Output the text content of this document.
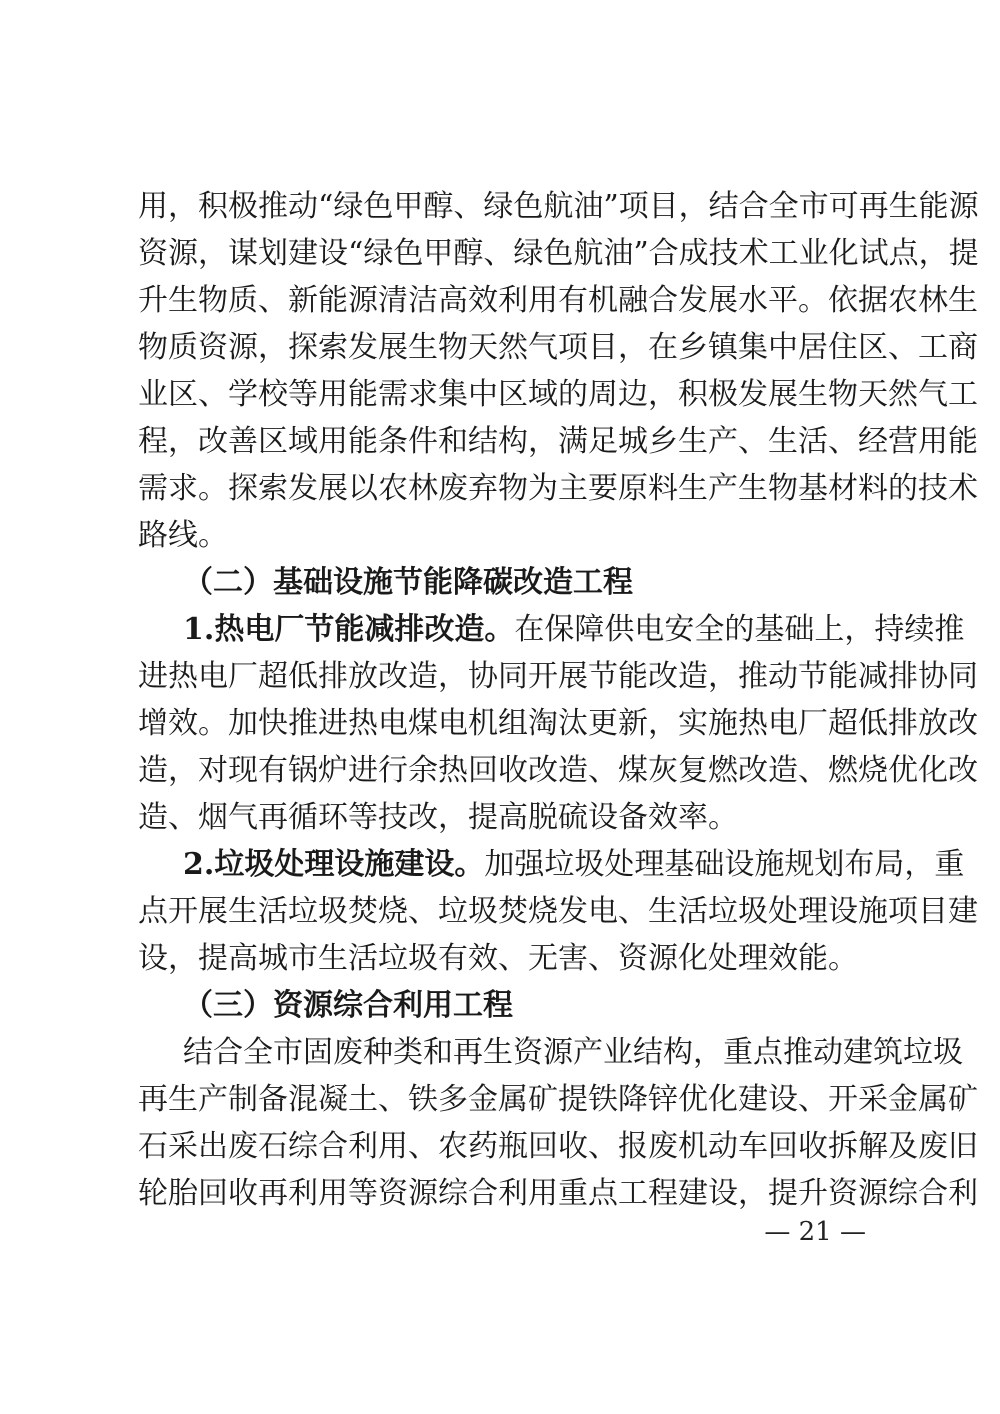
用，积极推动“绿色甲醇、绿色航油”项目，结合全市可再生能源
资源，谋划建设“绿色甲醇、绿色航油”合成技术工业化试点，提
升生物质、新能源清洁高效利用有机融合发展水平。依据农林生
物质资源，探索发展生物天然气项目，在乡镇集中居住区、工商
业区、学校等用能需求集中区域的周边，积极发展生物天然气工
程，改善区域用能条件和结构，满足城乡生产、生活、经营用能
需求。探索发展以农林废弃物为主要原料生产生物基材料的技术
路线。
（二）基础设施节能降碳改造工程
1.热电厂节能减排改造。在保障供电安全的基础上，持续推
进热电厂超低排放改造，协同开展节能改造，推动节能减排协同
增效。加快推进热电煤电机组淘汰更新，实施热电厂超低排放改
造，对现有锅炉进行余热回收改造、煤灰复燃改造、燃烧优化改
造、烟气再循环等技改，提高脱硫设备效率。
2.垃圾处理设施建设。加强垃圾处理基础设施规划布局，重
点开展生活垃圾焚烧、垃圾焚烧发电、生活垃圾处理设施项目建
设，提高城市生活垃圾有效、无害、资源化处理效能。
（三）资源综合利用工程
结合全市固废种类和再生资源产业结构，重点推动建筑垃圾
再生产制备混凝土、铁多金属矿提铁降锌优化建设、开采金属矿
石采出废石综合利用、农药瓶回收、报废机动车回收拆解及废旧
轮胎回收再利用等资源综合利用重点工程建设，提升资源综合利
— 21 —
